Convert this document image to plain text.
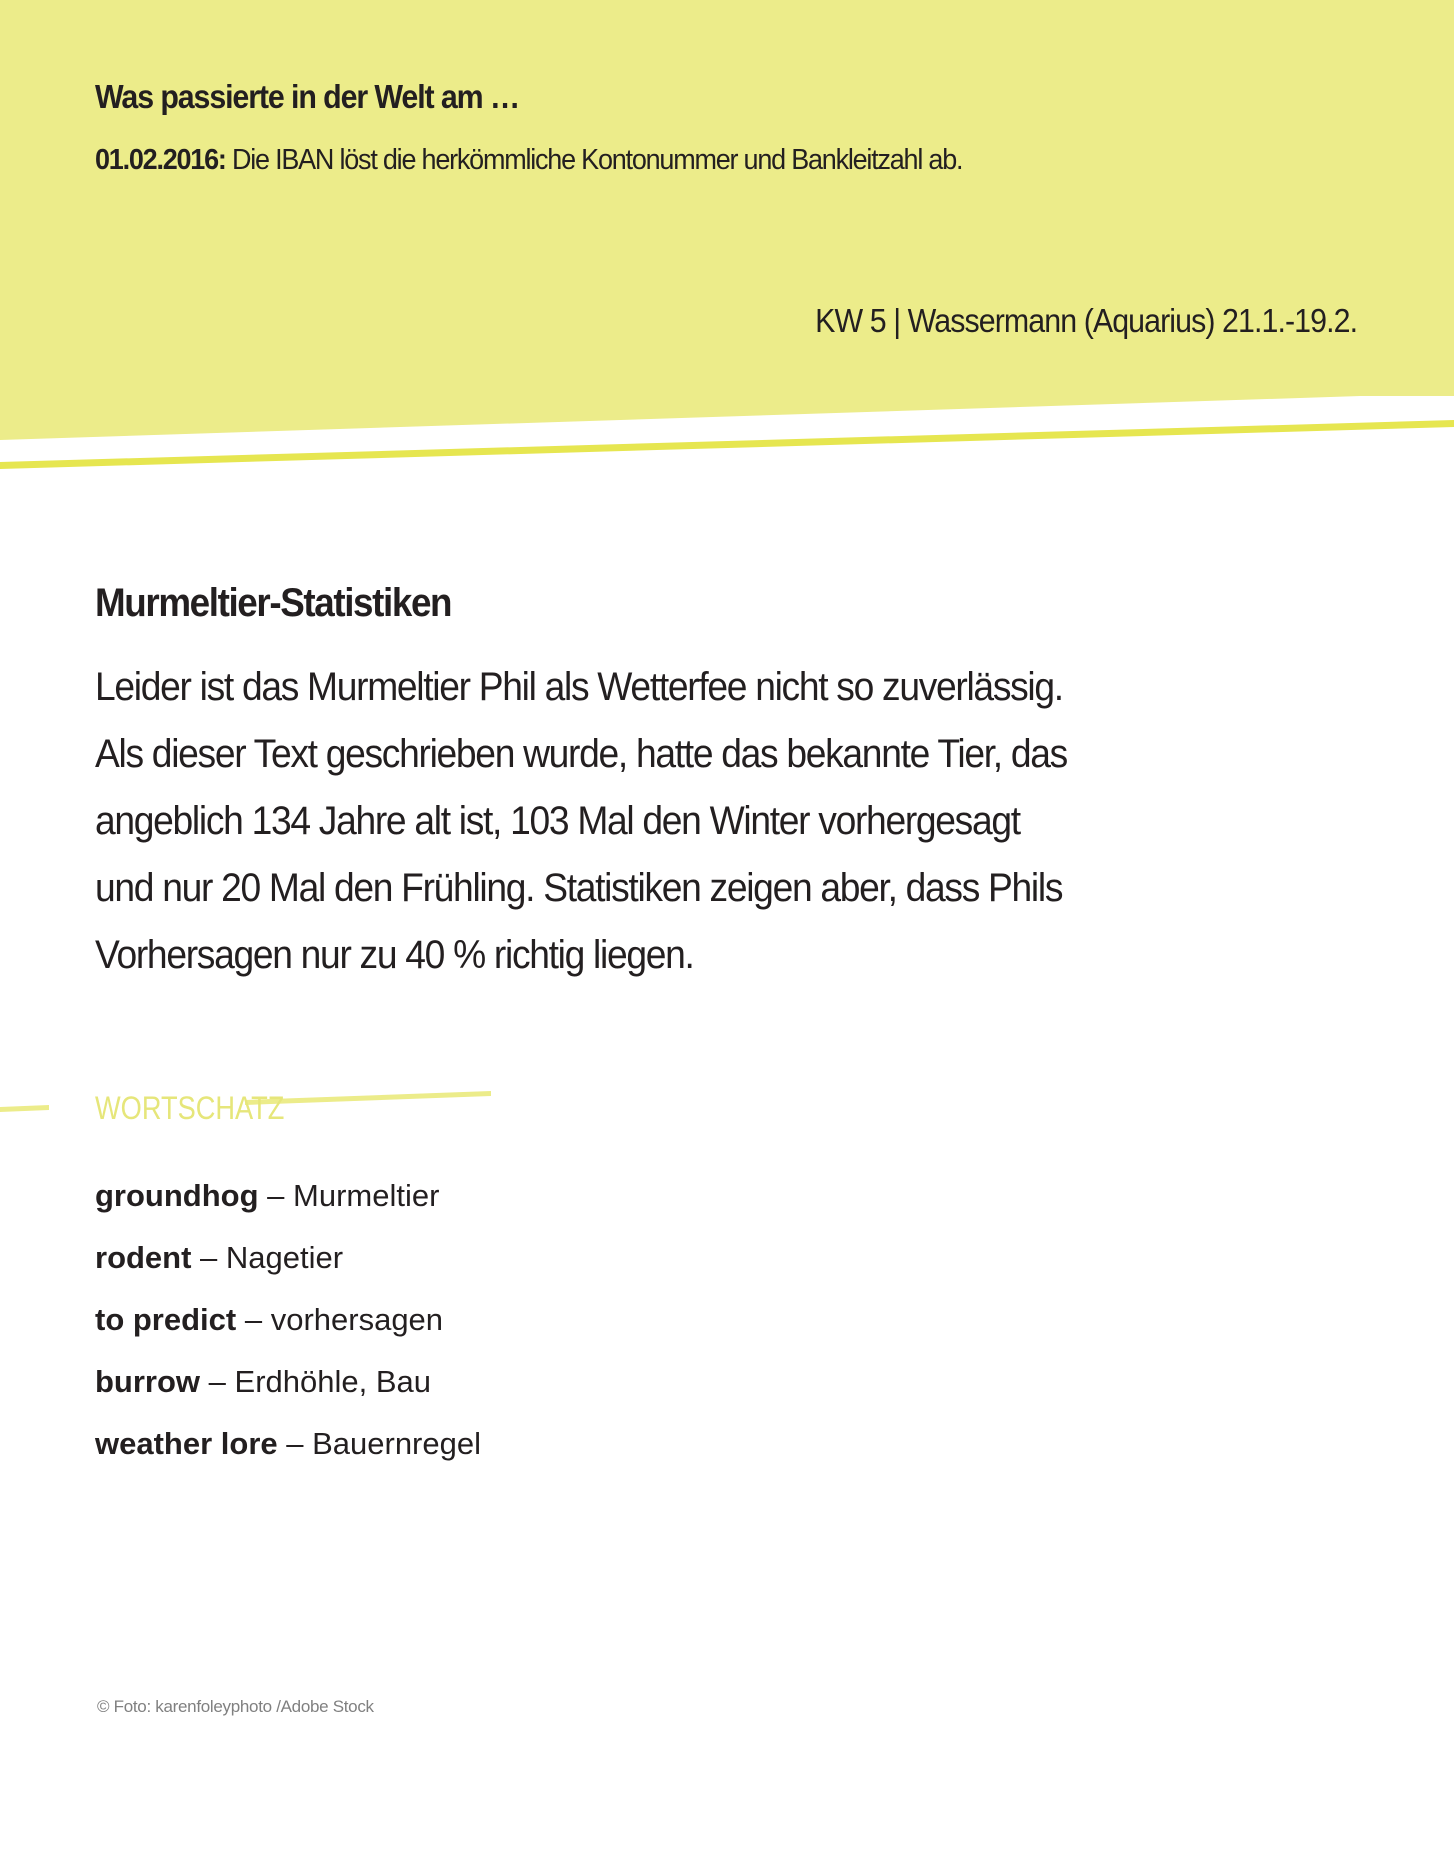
Was passierte in der Welt am …

01.02.2016: Die IBAN löst die herkömmliche Kontonummer und Bankleitzahl ab.

KW 5 | Wassermann (Aquarius) 21.1.-19.2.

Murmeltier-Statistiken
Leider ist das Murmeltier Phil als Wetterfee nicht so zuverlässig.
Als dieser Text geschrieben wurde, hatte das bekannte Tier, das
angeblich 134 Jahre alt ist, 103 Mal den Winter vorhergesagt
und nur 20 Mal den Frühling. Statistiken zeigen aber, dass Phils
Vorhersagen nur zu 40 % richtig liegen.

WORTSCHATZ

groundhog – Murmeltier
rodent – Nagetier
to predict – vorhersagen
burrow – Erdhöhle, Bau
weather lore – Bauernregel

© Foto: karenfoleyphoto /Adobe Stock
